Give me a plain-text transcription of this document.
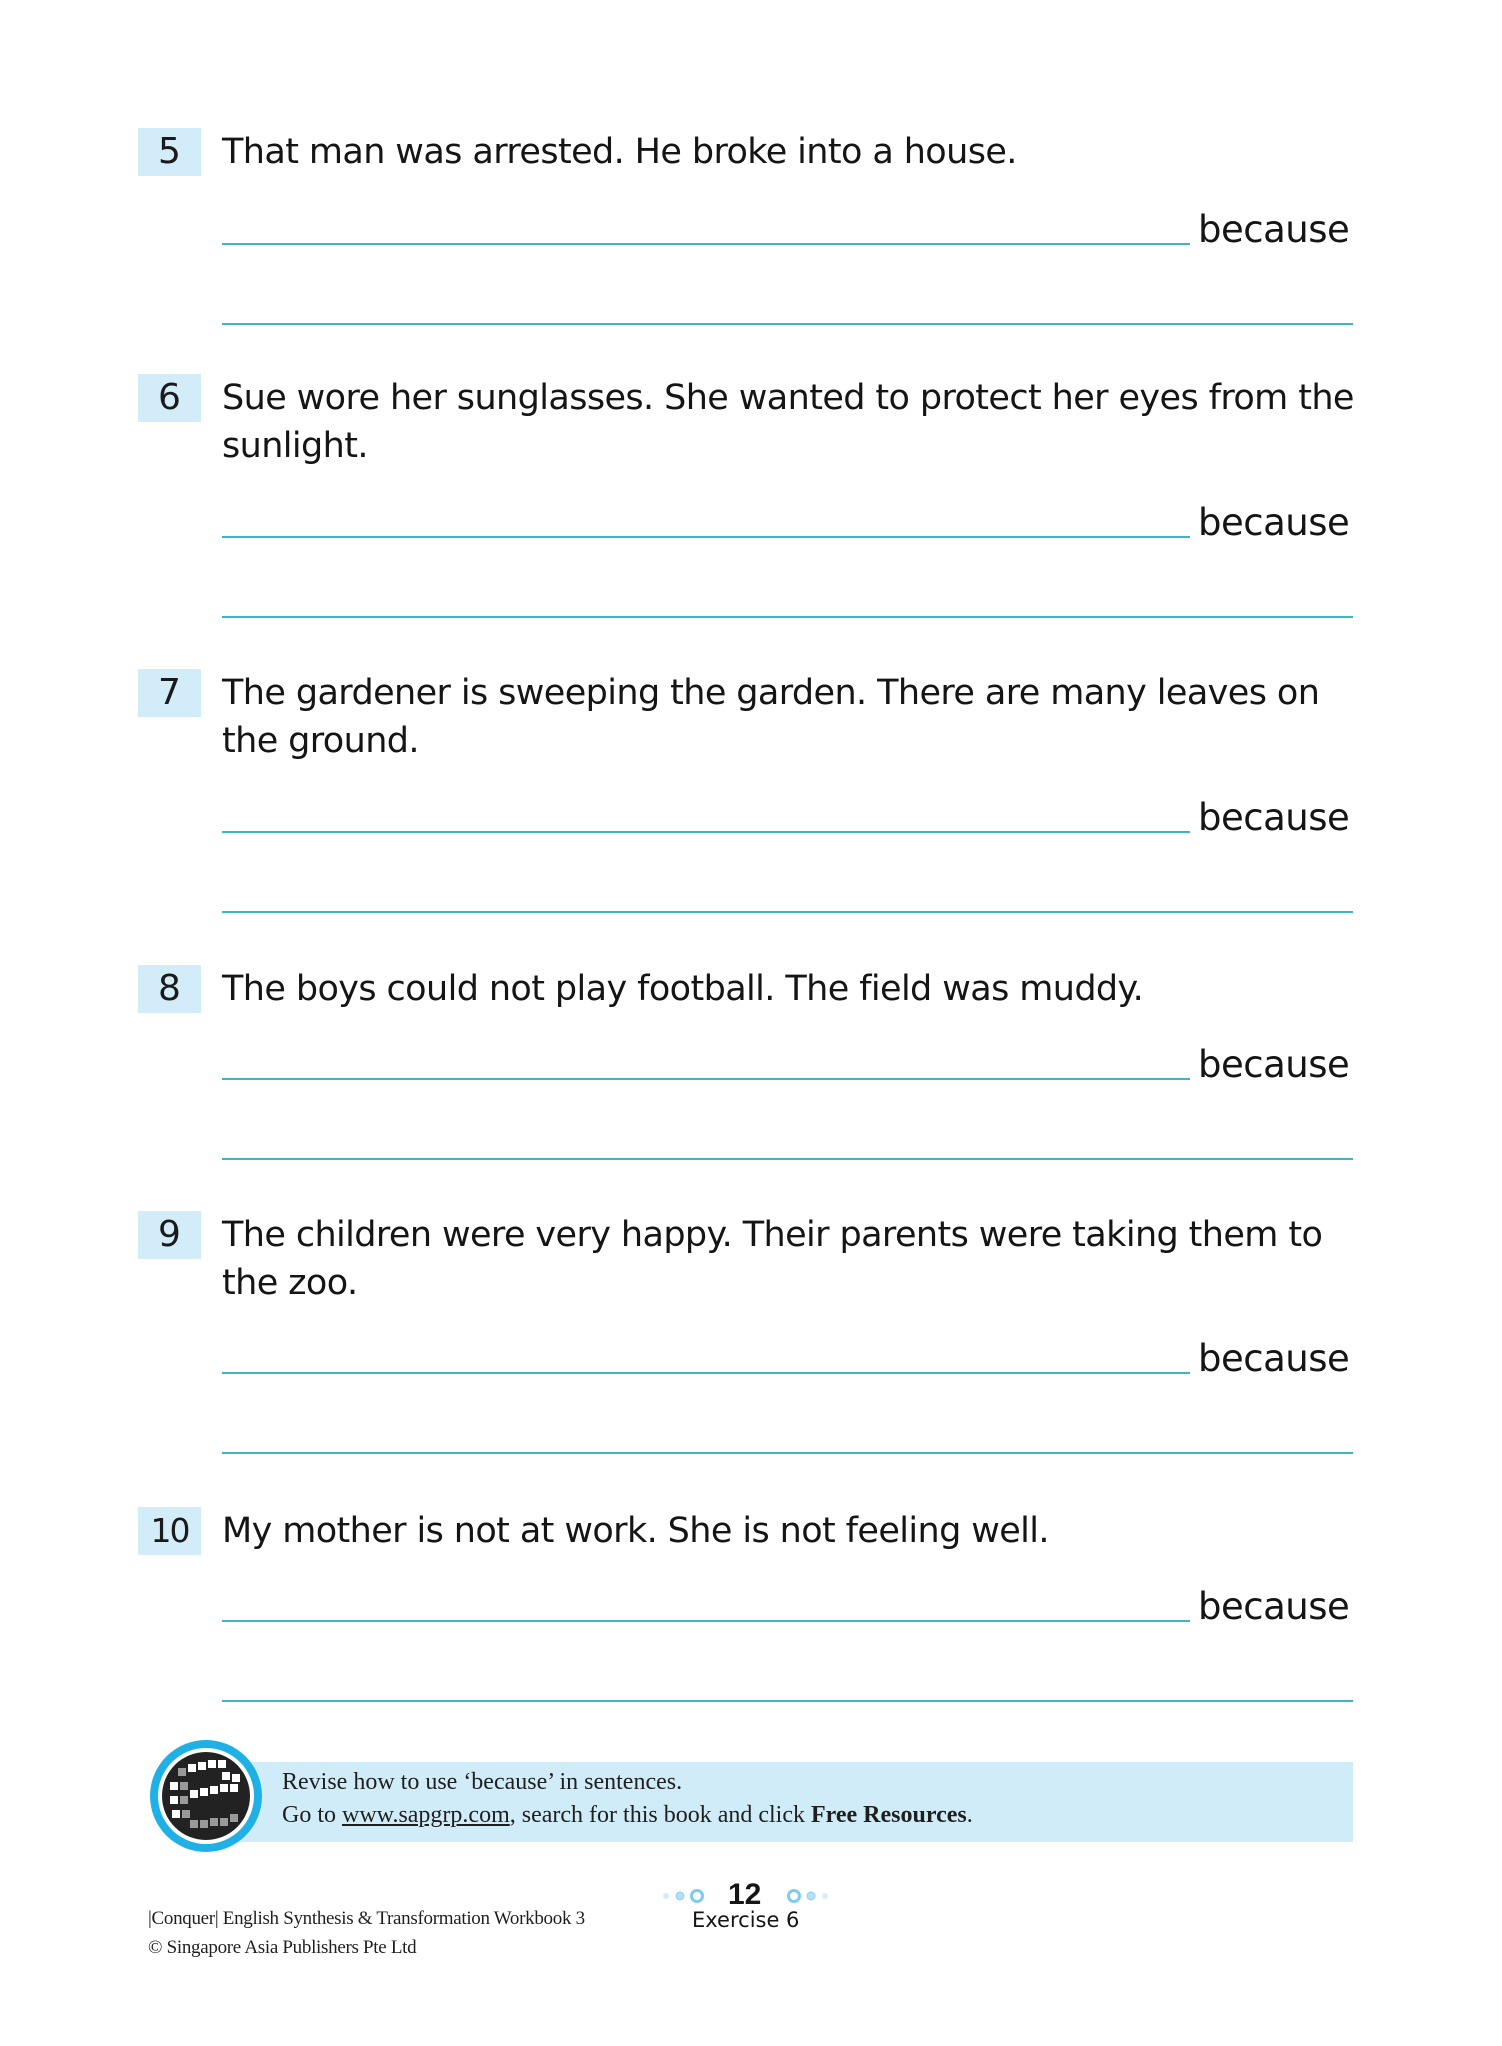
5	That man was arrested. He broke into a house.
because
6	Sue wore her sunglasses. She wanted to protect her eyes from the sunlight.
because
7	The gardener is sweeping the garden. There are many leaves on the ground.
because
8	The boys could not play football. The field was muddy.
because
9	The children were very happy. Their parents were taking them to the zoo.
because
10 My mother is not at work. She is not feeling well.
because
Revise how to use ‘because’ in sentences.
Go to www.sapgrp.com, search for this book and click Free Resources.
12
Exercise 6
|Conquer| English Synthesis & Transformation Workbook 3
© Singapore Asia Publishers Pte Ltd
